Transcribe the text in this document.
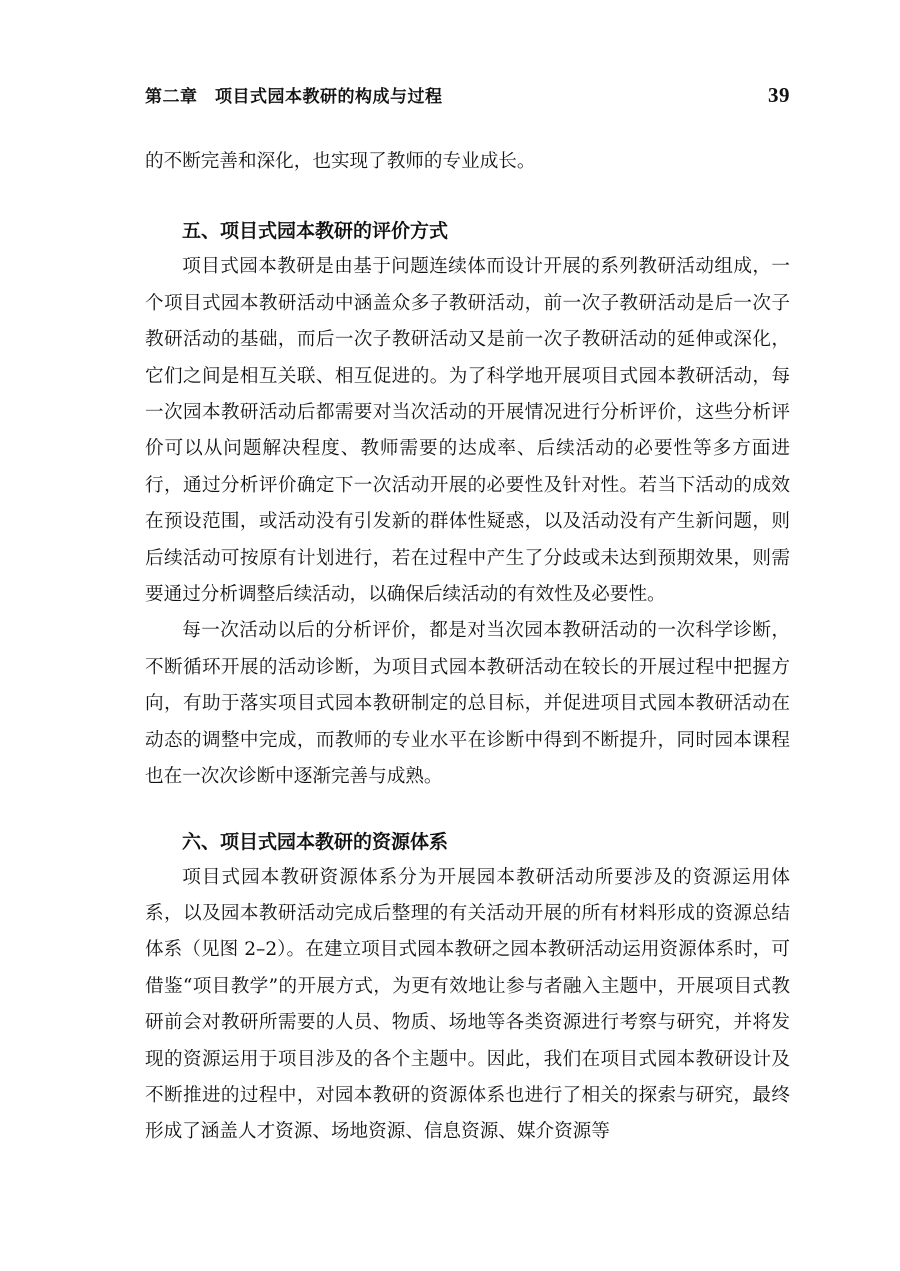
第二章　项目式园本教研的构成与过程	39

的不断完善和深化，也实现了教师的专业成长。

五、项目式园本教研的评价方式

项目式园本教研是由基于问题连续体而设计开展的系列教研活动组成，一个项目式园本教研活动中涵盖众多子教研活动，前一次子教研活动是后一次子教研活动的基础，而后一次子教研活动又是前一次子教研活动的延伸或深化，它们之间是相互关联、相互促进的。为了科学地开展项目式园本教研活动，每一次园本教研活动后都需要对当次活动的开展情况进行分析评价，这些分析评价可以从问题解决程度、教师需要的达成率、后续活动的必要性等多方面进行，通过分析评价确定下一次活动开展的必要性及针对性。若当下活动的成效在预设范围，或活动没有引发新的群体性疑惑，以及活动没有产生新问题，则后续活动可按原有计划进行，若在过程中产生了分歧或未达到预期效果，则需要通过分析调整后续活动，以确保后续活动的有效性及必要性。

每一次活动以后的分析评价，都是对当次园本教研活动的一次科学诊断，不断循环开展的活动诊断，为项目式园本教研活动在较长的开展过程中把握方向，有助于落实项目式园本教研制定的总目标，并促进项目式园本教研活动在动态的调整中完成，而教师的专业水平在诊断中得到不断提升，同时园本课程也在一次次诊断中逐渐完善与成熟。

六、项目式园本教研的资源体系

项目式园本教研资源体系分为开展园本教研活动所要涉及的资源运用体系，以及园本教研活动完成后整理的有关活动开展的所有材料形成的资源总结体系（见图 2–2）。在建立项目式园本教研之园本教研活动运用资源体系时，可借鉴“项目教学”的开展方式，为更有效地让参与者融入主题中，开展项目式教研前会对教研所需要的人员、物质、场地等各类资源进行考察与研究，并将发现的资源运用于项目涉及的各个主题中。因此，我们在项目式园本教研设计及不断推进的过程中，对园本教研的资源体系也进行了相关的探索与研究，最终形成了涵盖人才资源、场地资源、信息资源、媒介资源等
